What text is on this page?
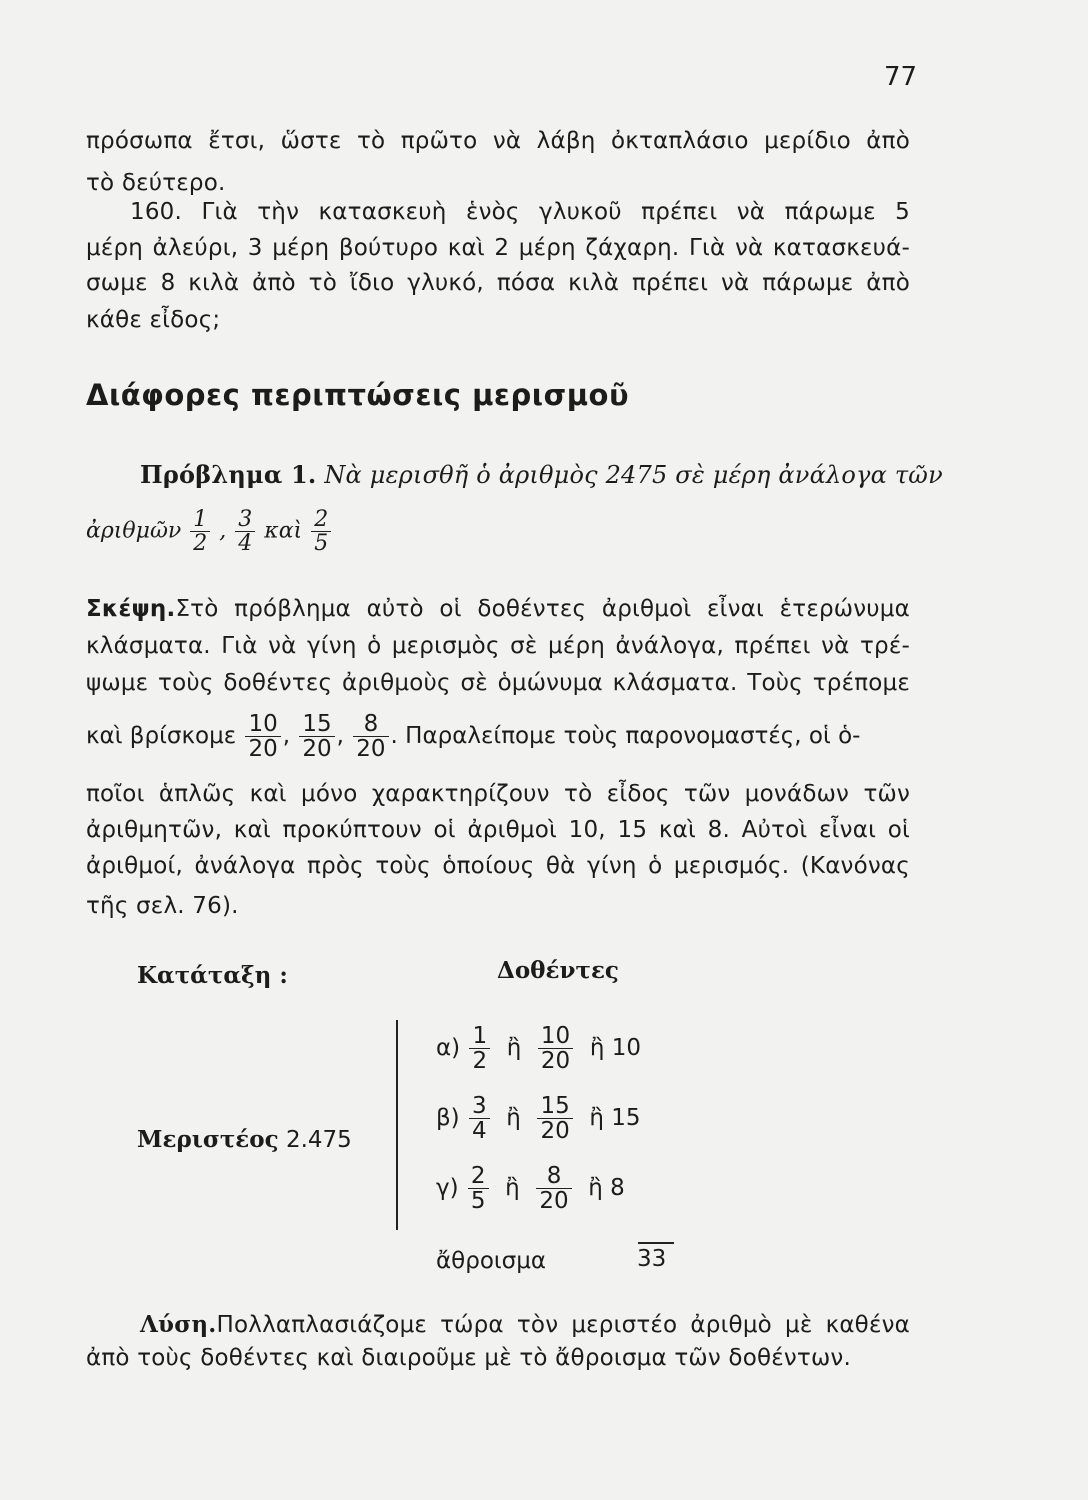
77
πρόσωπα ἔτσι, ὥστε τὸ πρῶτο νὰ λάβη ὀκταπλάσιο μερίδιο ἀπὸ
τὸ δεύτερο.
160. Γιὰ τὴν κατασκευὴ ἑνὸς γλυκοῦ πρέπει νὰ πάρωμε 5
μέρη ἀλεύρι, 3 μέρη βούτυρο καὶ 2 μέρη ζάχαρη. Γιὰ νὰ κατασκευά-
σωμε 8 κιλὰ ἀπὸ τὸ ἴδιο γλυκό, πόσα κιλὰ πρέπει νὰ πάρωμε ἀπὸ
κάθε εἶδος;
Διάφορες περιπτώσεις μερισμοῦ
Πρόβλημα 1. Νὰ μερισθῆ ὁ ἀριθμὸς 2475 σὲ μέρη ἀνάλογα τῶν
ἀριθμῶν $\frac{1}{2}$ , $\frac{3}{4}$ καὶ $\frac{2}{5}$
Σκέψη.Στὸ πρόβλημα αὐτὸ οἱ δοθέντες ἀριθμοὶ εἶναι ἑτερώνυμα
κλάσματα. Γιὰ νὰ γίνη ὁ μερισμὸς σὲ μέρη ἀνάλογα, πρέπει νὰ τρέ-
ψωμε τοὺς δοθέντες ἀριθμοὺς σὲ ὁμώνυμα κλάσματα. Τοὺς τρέπομε
καὶ βρίσκομε $\frac{10}{20}$ , $\frac{15}{20}$ , $\frac{8}{20}$ . Παραλείπομε τοὺς παρονομαστές, οἱ ὁ-
ποῖοι ἁπλῶς καὶ μόνο χαρακτηρίζουν τὸ εἶδος τῶν μονάδων τῶν
ἀριθμητῶν, καὶ προκύπτουν οἱ ἀριθμοὶ 10, 15 καὶ 8. Αὐτοὶ εἶναι οἱ
ἀριθμοί, ἀνάλογα πρὸς τοὺς ὁποίους θὰ γίνη ὁ μερισμός. (Κανόνας
τῆς σελ. 76).
Κατάταξη :	Δοθέντες
Μεριστέος 2.475
$\alpha) \frac{1}{2}$ ἢ $\frac{10}{20}$ ἢ 10
$\beta) \frac{3}{4}$ ἢ $\frac{15}{20}$ ἢ 15
$\gamma) \frac{2}{5}$ ἢ $\frac{8}{20}$ ἢ 8
ἄθροισμα	33
Λύση.Πολλαπλασιάζομε τώρα τὸν μεριστέο ἀριθμὸ μὲ καθένα
ἀπὸ τοὺς δοθέντες καὶ διαιροῦμε μὲ τὸ ἄθροισμα τῶν δοθέντων.
